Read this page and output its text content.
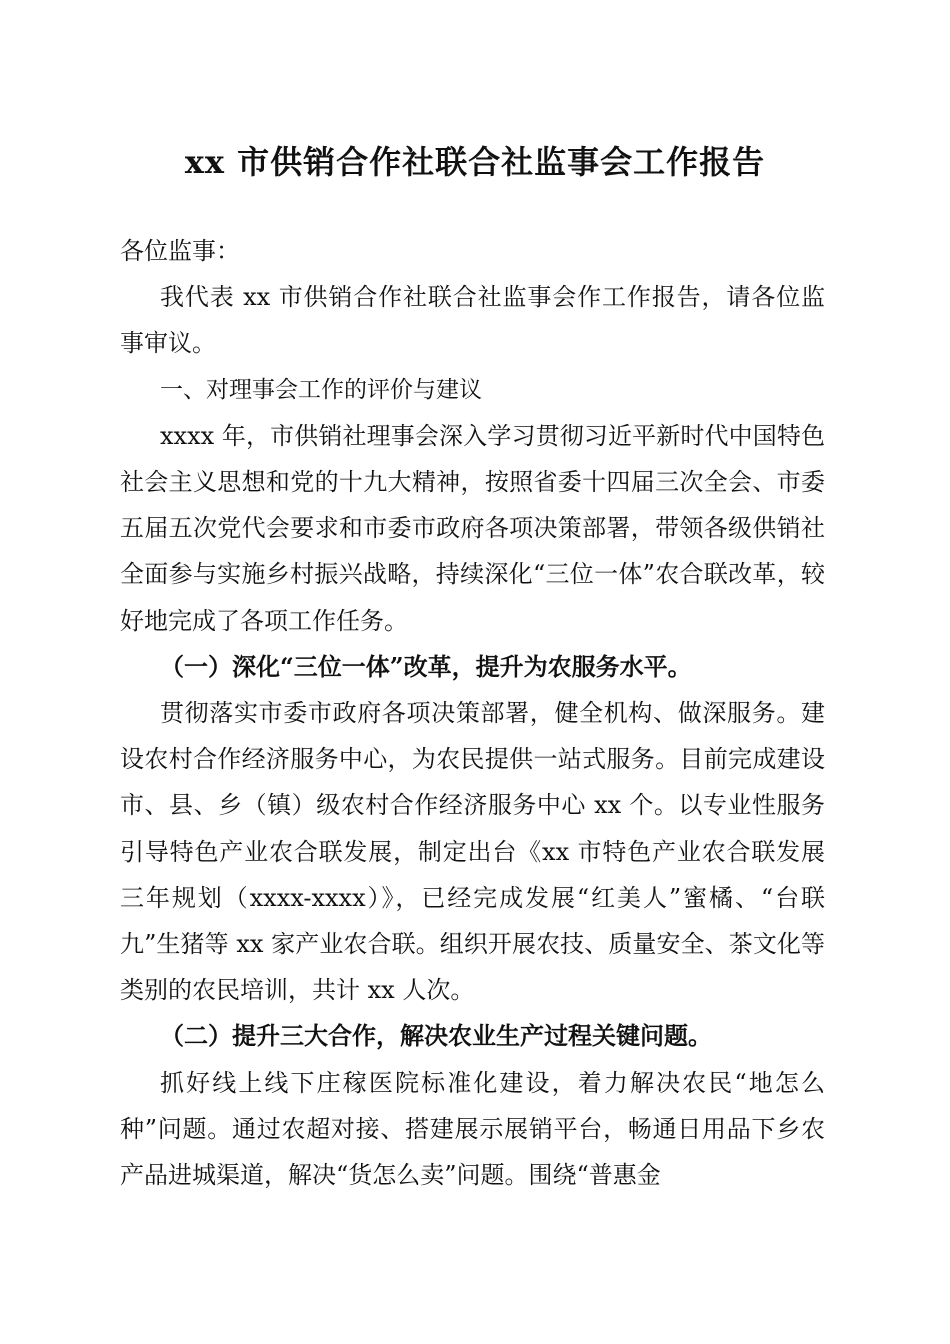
xx 市供销合作社联合社监事会工作报告

各位监事：

我代表 xx 市供销合作社联合社监事会作工作报告，请各位监事审议。

一、对理事会工作的评价与建议

xxxx 年，市供销社理事会深入学习贯彻习近平新时代中国特色社会主义思想和党的十九大精神，按照省委十四届三次全会、市委五届五次党代会要求和市委市政府各项决策部署，带领各级供销社全面参与实施乡村振兴战略，持续深化“三位一体”农合联改革，较好地完成了各项工作任务。

（一）深化“三位一体”改革，提升为农服务水平。

贯彻落实市委市政府各项决策部署，健全机构、做深服务。建设农村合作经济服务中心，为农民提供一站式服务。目前完成建设市、县、乡（镇）级农村合作经济服务中心 xx 个。以专业性服务引导特色产业农合联发展，制定出台《xx 市特色产业农合联发展三年规划（xxxx-xxxx）》，已经完成发展“红美人”蜜橘、“台联九”生猪等 xx 家产业农合联。组织开展农技、质量安全、茶文化等类别的农民培训，共计 xx 人次。

（二）提升三大合作，解决农业生产过程关键问题。

抓好线上线下庄稼医院标准化建设，着力解决农民“地怎么种”问题。通过农超对接、搭建展示展销平台，畅通日用品下乡农产品进城渠道，解决“货怎么卖”问题。围绕“普惠金
